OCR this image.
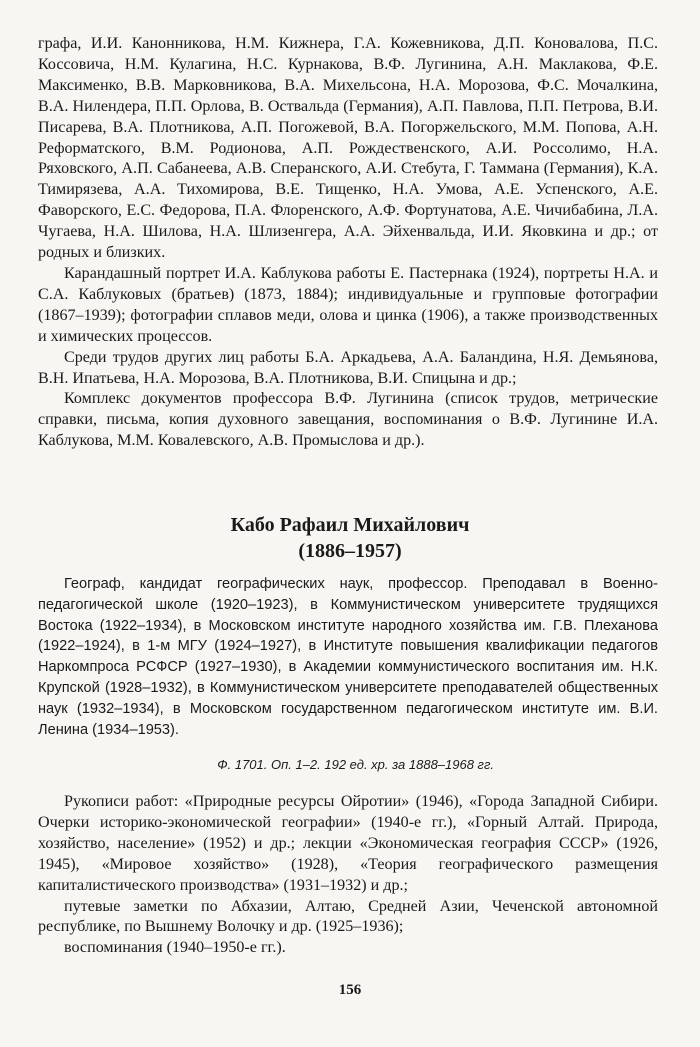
графа, И.И. Канонникова, Н.М. Кижнера, Г.А. Кожевникова, Д.П. Коновалова, П.С. Коссовича, Н.М. Кулагина, Н.С. Курнакова, В.Ф. Лугинина, А.Н. Маклакова, Ф.Е. Максименко, В.В. Марковникова, В.А. Михельсона, Н.А. Морозова, Ф.С. Мочалкина, В.А. Нилендера, П.П. Орлова, В. Оствальда (Германия), А.П. Павлова, П.П. Петрова, В.И. Писарева, В.А. Плотникова, А.П. Погожевой, В.А. Погоржельского, М.М. Попова, А.Н. Реформатского, В.М. Родионова, А.П. Рождественского, А.И. Россолимо, Н.А. Ряховского, А.П. Сабанеева, А.В. Сперанского, А.И. Стебута, Г. Таммана (Германия), К.А. Тимирязева, А.А. Тихомирова, В.Е. Тищенко, Н.А. Умова, А.Е. Успенского, А.Е. Фаворского, Е.С. Федорова, П.А. Флоренского, А.Ф. Фортунатова, А.Е. Чичибабина, Л.А. Чугаева, Н.А. Шилова, Н.А. Шлизенгера, А.А. Эйхенвальда, И.И. Яковкина и др.; от родных и близких.

Карандашный портрет И.А. Каблукова работы Е. Пастернака (1924), портреты Н.А. и С.А. Каблуковых (братьев) (1873, 1884); индивидуальные и групповые фотографии (1867–1939); фотографии сплавов меди, олова и цинка (1906), а также производственных и химических процессов.

Среди трудов других лиц работы Б.А. Аркадьева, А.А. Баландина, Н.Я. Демьянова, В.Н. Ипатьева, Н.А. Морозова, В.А. Плотникова, В.И. Спицына и др.;

Комплекс документов профессора В.Ф. Лугинина (список трудов, метрические справки, письма, копия духовного завещания, воспоминания о В.Ф. Лугинине И.А. Каблукова, М.М. Ковалевского, А.В. Промыслова и др.).

Кабо Рафаил Михайлович
(1886–1957)

Географ, кандидат географических наук, профессор. Преподавал в Военно-педагогической школе (1920–1923), в Коммунистическом университете трудящихся Востока (1922–1934), в Московском институте народного хозяйства им. Г.В. Плеханова (1922–1924), в 1-м МГУ (1924–1927), в Институте повышения квалификации педагогов Наркомпроса РСФСР (1927–1930), в Академии коммунистического воспитания им. Н.К. Крупской (1928–1932), в Коммунистическом университете преподавателей общественных наук (1932–1934), в Московском государственном педагогическом институте им. В.И. Ленина (1934–1953).

Ф. 1701. Оп. 1–2. 192 ед. хр. за 1888–1968 гг.

Рукописи работ: «Природные ресурсы Ойротии» (1946), «Города Западной Сибири. Очерки историко-экономической географии» (1940-е гг.), «Горный Алтай. Природа, хозяйство, население» (1952) и др.; лекции «Экономическая география СССР» (1926, 1945), «Мировое хозяйство» (1928), «Теория географического размещения капиталистического производства» (1931–1932) и др.;

путевые заметки по Абхазии, Алтаю, Средней Азии, Чеченской автономной республике, по Вышнему Волочку и др. (1925–1936);

воспоминания (1940–1950-е гг.).

156
